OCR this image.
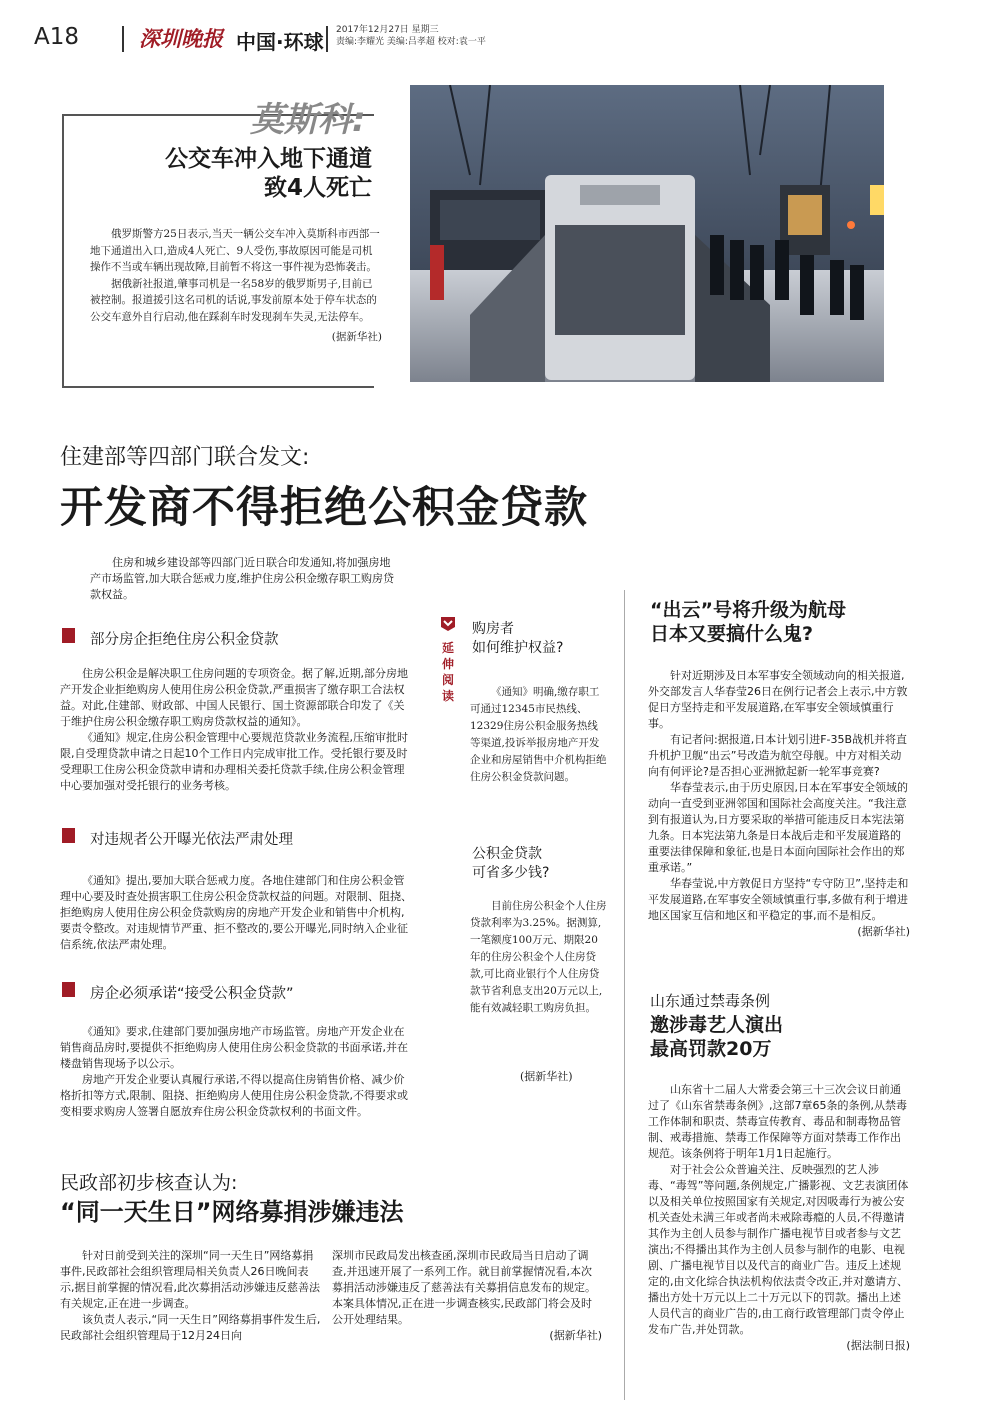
A18	深圳晚报 中国·环球 2017年12月27日 星期三
责编:李耀光 美编:吕孝超 校对:袁一平
莫斯科:
公交车冲入地下通道
致4人死亡

俄罗斯警方25日表示,当天一辆公交车冲入莫斯科市西部一地下通道出入口,造成4人死亡、9人受伤,事故原因可能是司机操作不当或车辆出现故障,目前暂不将这一事件视为恐怖袭击。

据俄新社报道,肇事司机是一名58岁的俄罗斯男子,目前已被控制。报道援引这名司机的话说,事发前原本处于停车状态的公交车意外自行启动,他在踩刹车时发现刹车失灵,无法停车。

(据新华社)

住建部等四部门联合发文:
开发商不得拒绝公积金贷款

住房和城乡建设部等四部门近日联合印发通知,将加强房地产市场监管,加大联合惩戒力度,维护住房公积金缴存职工购房贷款权益。

部分房企拒绝住房公积金贷款

住房公积金是解决职工住房问题的专项资金。据了解,近期,部分房地产开发企业拒绝购房人使用住房公积金贷款,严重损害了缴存职工合法权益。对此,住建部、财政部、中国人民银行、国土资源部联合印发了《关于维护住房公积金缴存职工购房贷款权益的通知》。

《通知》规定,住房公积金管理中心要规范贷款业务流程,压缩审批时限,自受理贷款申请之日起10个工作日内完成审批工作。受托银行要及时受理职工住房公积金贷款申请和办理相关委托贷款手续,住房公积金管理中心要加强对受托银行的业务考核。

对违规者公开曝光依法严肃处理

《通知》提出,要加大联合惩戒力度。各地住建部门和住房公积金管理中心要及时查处损害职工住房公积金贷款权益的问题。对限制、阻挠、拒绝购房人使用住房公积金贷款购房的房地产开发企业和销售中介机构,要责令整改。对违规情节严重、拒不整改的,要公开曝光,同时纳入企业征信系统,依法严肃处理。

房企必须承诺“接受公积金贷款”

《通知》要求,住建部门要加强房地产市场监管。房地产开发企业在销售商品房时,要提供不拒绝购房人使用住房公积金贷款的书面承诺,并在楼盘销售现场予以公示。

房地产开发企业要认真履行承诺,不得以提高住房销售价格、减少价格折扣等方式,限制、阻挠、拒绝购房人使用住房公积金贷款,不得要求或变相要求购房人签署自愿放弃住房公积金贷款权利的书面文件。

延伸阅读
购房者
如何维护权益?

《通知》明确,缴存职工可通过12345市民热线、12329住房公积金服务热线等渠道,投诉举报房地产开发企业和房屋销售中介机构拒绝住房公积金贷款问题。

公积金贷款
可省多少钱?

目前住房公积金个人住房贷款利率为3.25%。据测算,一笔额度100万元、期限20年的住房公积金个人住房贷款,可比商业银行个人住房贷款节省利息支出20万元以上,能有效减轻职工购房负担。

(据新华社)
“出云”号将升级为航母
日本又要搞什么鬼?

针对近期涉及日本军事安全领域动向的相关报道,外交部发言人华春莹26日在例行记者会上表示,中方敦促日方坚持走和平发展道路,在军事安全领域慎重行事。

有记者问:据报道,日本计划引进F-35B战机并将直升机护卫舰“出云”号改造为航空母舰。中方对相关动向有何评论?是否担心亚洲掀起新一轮军事竞赛?

华春莹表示,由于历史原因,日本在军事安全领域的动向一直受到亚洲邻国和国际社会高度关注。“我注意到有报道认为,日方要采取的举措可能违反日本宪法第九条。日本宪法第九条是日本战后走和平发展道路的重要法律保障和象征,也是日本面向国际社会作出的郑重承诺。”

华春莹说,中方敦促日方坚持“专守防卫”,坚持走和平发展道路,在军事安全领域慎重行事,多做有利于增进地区国家互信和地区和平稳定的事,而不是相反。

(据新华社)

山东通过禁毒条例
邀涉毒艺人演出
最高罚款20万

山东省十二届人大常委会第三十三次会议日前通过了《山东省禁毒条例》,这部7章65条的条例,从禁毒工作体制和职责、禁毒宣传教育、毒品和制毒物品管制、戒毒措施、禁毒工作保障等方面对禁毒工作作出规范。该条例将于明年1月1日起施行。

对于社会公众普遍关注、反映强烈的艺人涉毒、“毒驾”等问题,条例规定,广播影视、文艺表演团体以及相关单位按照国家有关规定,对因吸毒行为被公安机关查处未满三年或者尚未戒除毒瘾的人员,不得邀请其作为主创人员参与制作广播电视节目或者参与文艺演出;不得播出其作为主创人员参与制作的电影、电视剧、广播电视节目以及代言的商业广告。违反上述规定的,由文化综合执法机构依法责令改正,并对邀请方、播出方处十万元以上二十万元以下的罚款。播出上述人员代言的商业广告的,由工商行政管理部门责令停止发布广告,并处罚款。

(据法制日报)

民政部初步核查认为:
“同一天生日”网络募捐涉嫌违法

针对日前受到关注的深圳“同一天生日”网络募捐事件,民政部社会组织管理局相关负责人26日晚间表示,据目前掌握的情况看,此次募捐活动涉嫌违反慈善法有关规定,正在进一步调查。

该负责人表示,“同一天生日”网络募捐事件发生后,民政部社会组织管理局于12月24日向

深圳市民政局发出核查函,深圳市民政局当日启动了调查,并迅速开展了一系列工作。就目前掌握情况看,本次募捐活动涉嫌违反了慈善法有关募捐信息发布的规定。本案具体情况,正在进一步调查核实,民政部门将会及时公开处理结果。

(据新华社)
